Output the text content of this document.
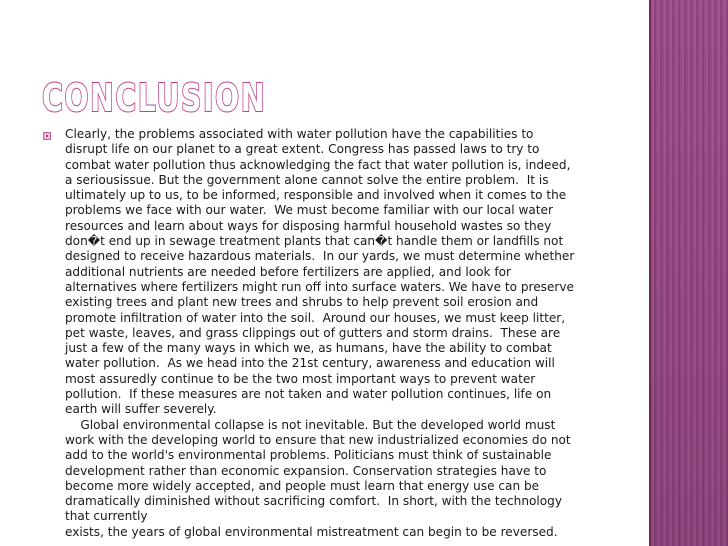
CONCLUSION
Clearly, the problems associated with water pollution have the capabilities to
disrupt life on our planet to a great extent. Congress has passed laws to try to
combat water pollution thus acknowledging the fact that water pollution is, indeed,
a seriousissue. But the government alone cannot solve the entire problem.  It is
ultimately up to us, to be informed, responsible and involved when it comes to the
problems we face with our water.  We must become familiar with our local water
resources and learn about ways for disposing harmful household wastes so they
don�t end up in sewage treatment plants that can�t handle them or landfills not
designed to receive hazardous materials.  In our yards, we must determine whether
additional nutrients are needed before fertilizers are applied, and look for
alternatives where fertilizers might run off into surface waters. We have to preserve
existing trees and plant new trees and shrubs to help prevent soil erosion and
promote infiltration of water into the soil.  Around our houses, we must keep litter,
pet waste, leaves, and grass clippings out of gutters and storm drains.  These are
just a few of the many ways in which we, as humans, have the ability to combat
water pollution.  As we head into the 21st century, awareness and education will
most assuredly continue to be the two most important ways to prevent water
pollution.  If these measures are not taken and water pollution continues, life on
earth will suffer severely.
Global environmental collapse is not inevitable. But the developed world must
work with the developing world to ensure that new industrialized economies do not
add to the world's environmental problems. Politicians must think of sustainable
development rather than economic expansion. Conservation strategies have to
become more widely accepted, and people must learn that energy use can be
dramatically diminished without sacrificing comfort.  In short, with the technology
that currently
exists, the years of global environmental mistreatment can begin to be reversed.
